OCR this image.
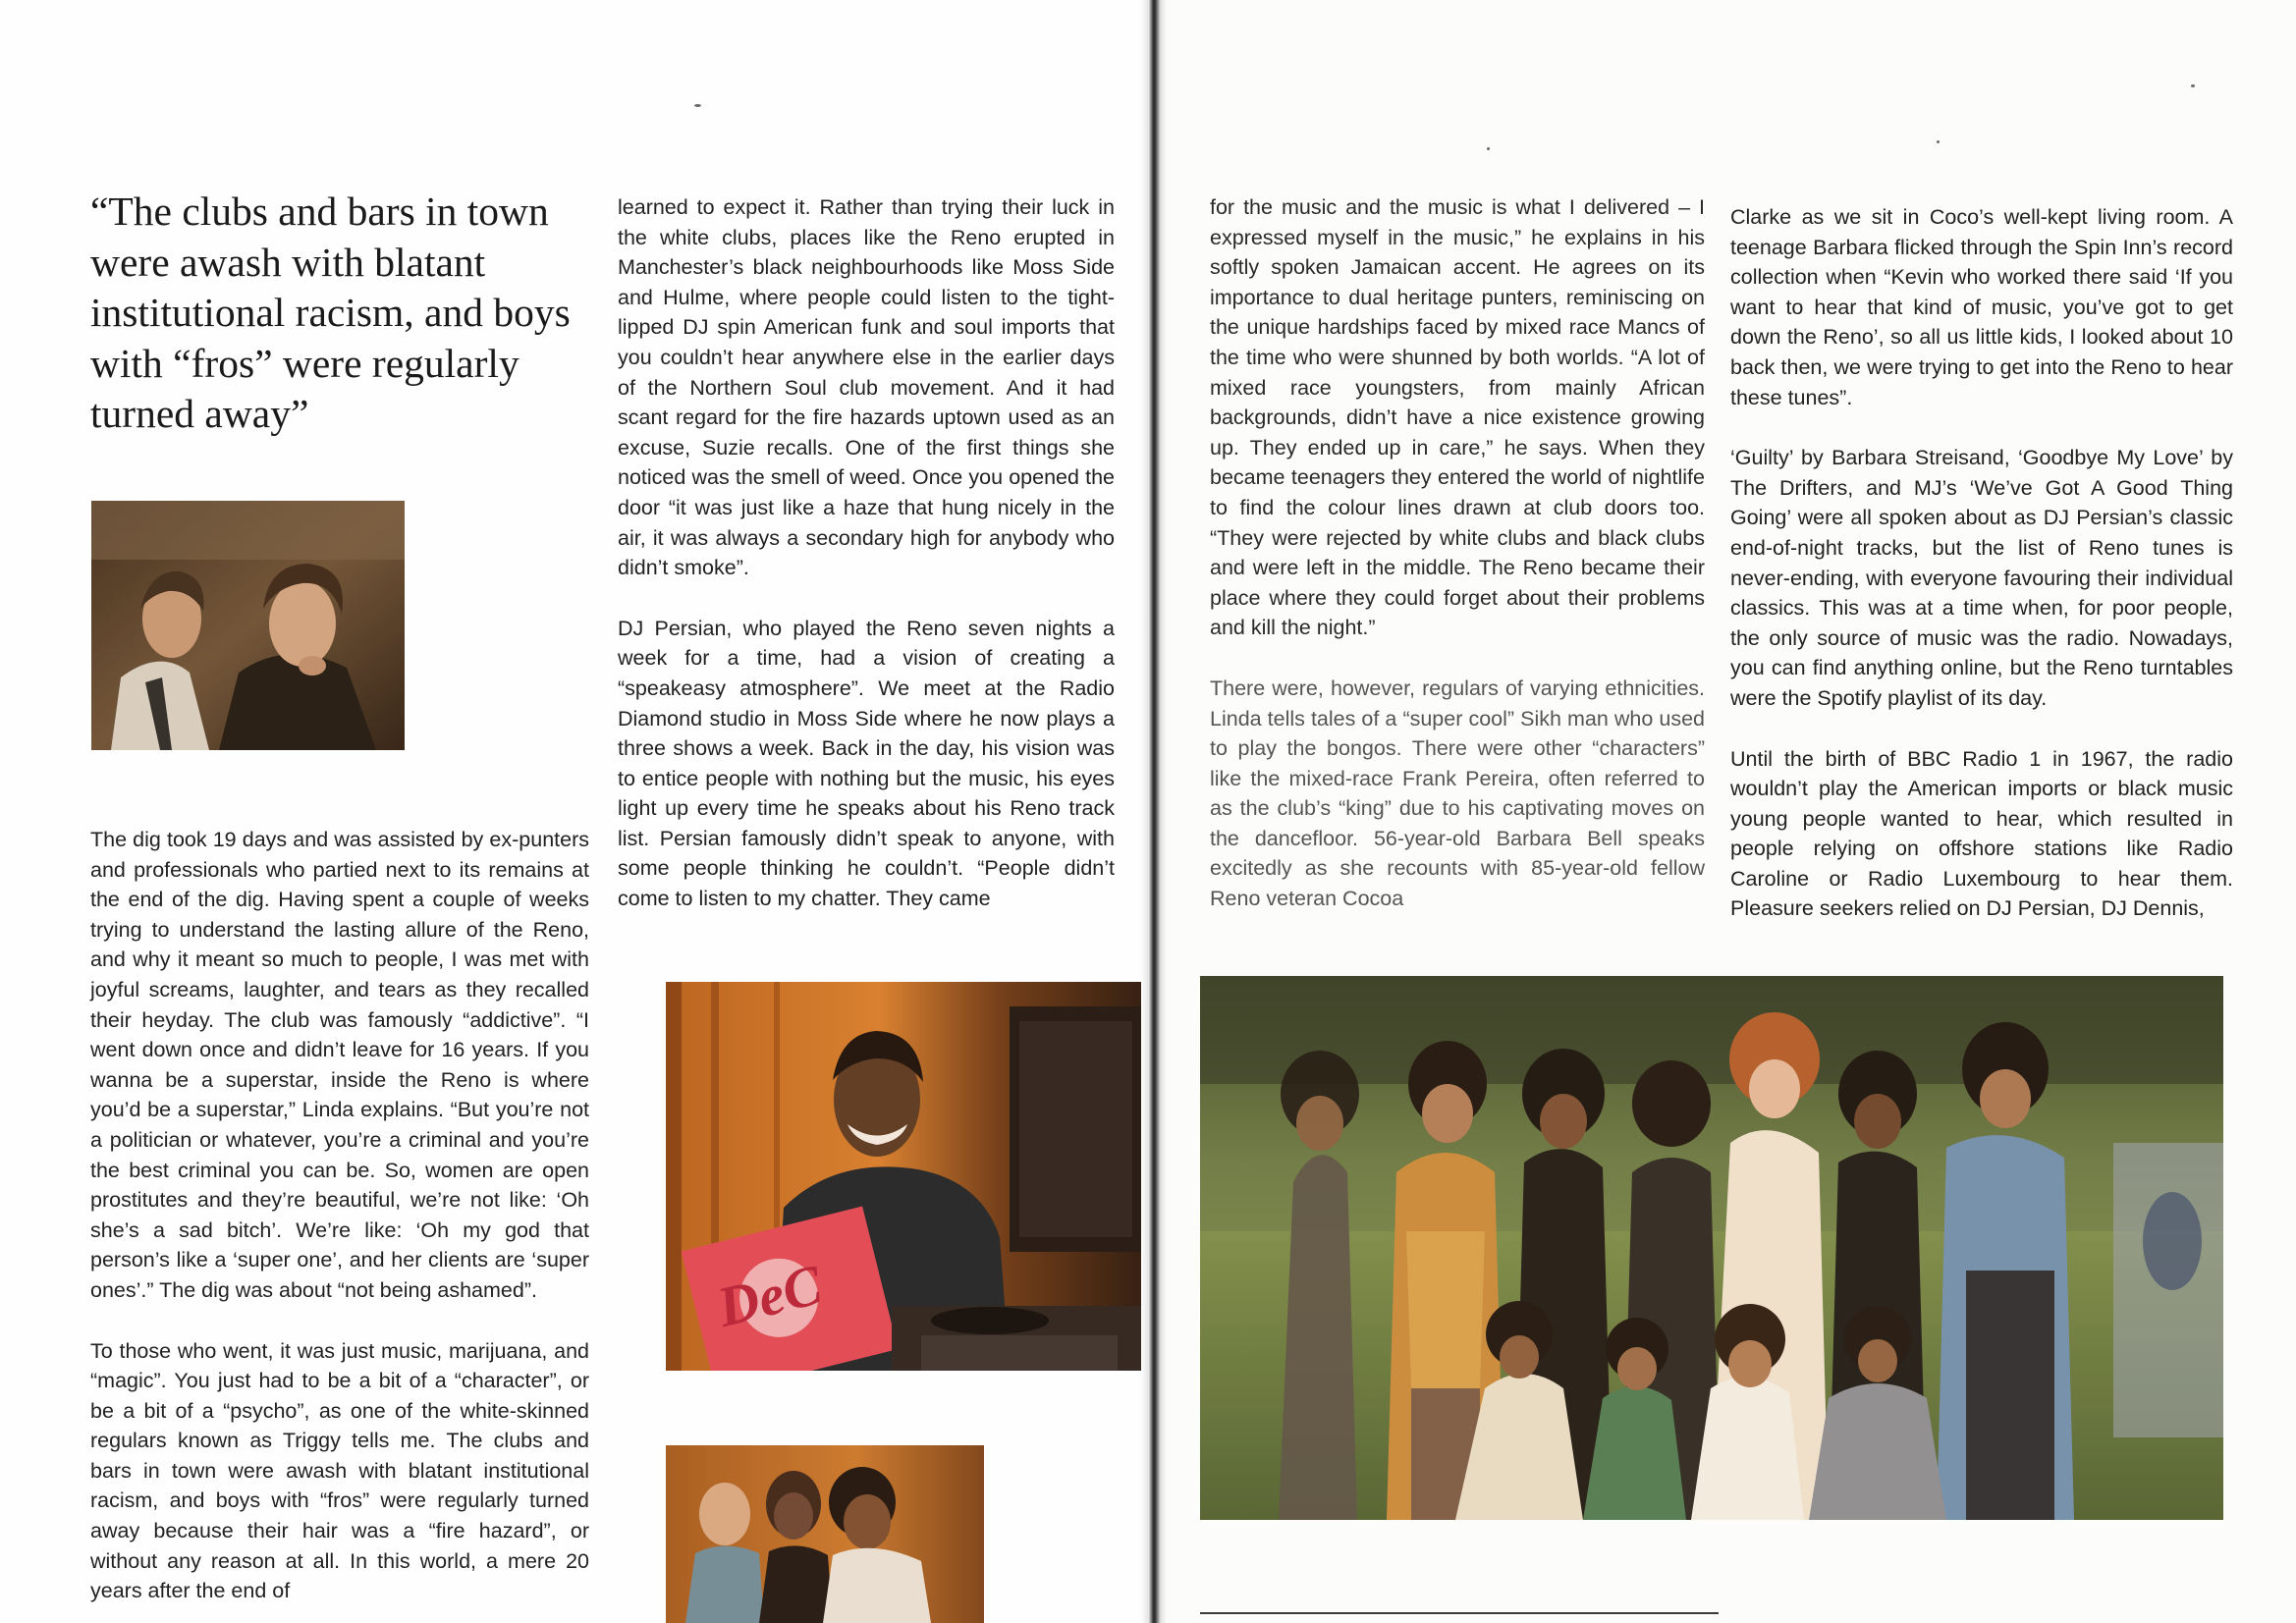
“The clubs and bars in town were awash with blatant institutional racism, and boys with “fros” were regularly turned away”

The dig took 19 days and was assisted by ex-punters and professionals who partied next to its remains at the end of the dig. Having spent a couple of weeks trying to understand the lasting allure of the Reno, and why it meant so much to people, I was met with joyful screams, laughter, and tears as they recalled their heyday. The club was famously “addictive”. “I went down once and didn’t leave for 16 years. If you wanna be a superstar, inside the Reno is where you’d be a superstar,” Linda explains. “But you’re not a politician or whatever, you’re a criminal and you’re the best criminal you can be. So, women are open prostitutes and they’re beautiful, we’re not like: ‘Oh she’s a sad bitch’. We’re like: ‘Oh my god that person’s like a ‘super one’, and her clients are ‘super ones’.” The dig was about “not being ashamed”.

To those who went, it was just music, marijuana, and “magic”. You just had to be a bit of a “character”, or be a bit of a “psycho”, as one of the white-skinned regulars known as Triggy tells me. The clubs and bars in town were awash with blatant institutional racism, and boys with “fros” were regularly turned away because their hair was a “fire hazard”, or without any reason at all. In this world, a mere 20 years after the end of

learned to expect it. Rather than trying their luck in the white clubs, places like the Reno erupted in Manchester’s black neighbourhoods like Moss Side and Hulme, where people could listen to the tight-lipped DJ spin American funk and soul imports that you couldn’t hear anywhere else in the earlier days of the Northern Soul club movement. And it had scant regard for the fire hazards uptown used as an excuse, Suzie recalls. One of the first things she noticed was the smell of weed. Once you opened the door “it was just like a haze that hung nicely in the air, it was always a secondary high for anybody who didn’t smoke”.

DJ Persian, who played the Reno seven nights a week for a time, had a vision of creating a “speakeasy atmosphere”. We meet at the Radio Diamond studio in Moss Side where he now plays a three shows a week. Back in the day, his vision was to entice people with nothing but the music, his eyes light up every time he speaks about his Reno track list. Persian famously didn’t speak to anyone, with some people thinking he couldn’t. “People didn’t come to listen to my chatter. They came

DeC

for the music and the music is what I delivered – I expressed myself in the music,” he explains in his softly spoken Jamaican accent. He agrees on its importance to dual heritage punters, reminiscing on the unique hardships faced by mixed race Mancs of the time who were shunned by both worlds. “A lot of mixed race youngsters, from mainly African backgrounds, didn’t have a nice existence growing up. They ended up in care,” he says. When they became teenagers they entered the world of nightlife to find the colour lines drawn at club doors too. “They were rejected by white clubs and black clubs and were left in the middle. The Reno became their place where they could forget about their problems and kill the night.”

There were, however, regulars of varying ethnicities. Linda tells tales of a “super cool” Sikh man who used to play the bongos. There were other “characters” like the mixed-race Frank Pereira, often referred to as the club’s “king” due to his captivating moves on the dancefloor. 56-year-old Barbara Bell speaks excitedly as she recounts with 85-year-old fellow Reno veteran Cocoa

Clarke as we sit in Coco’s well-kept living room. A teenage Barbara flicked through the Spin Inn’s record collection when “Kevin who worked there said ‘If you want to hear that kind of music, you’ve got to get down the Reno’, so all us little kids, I looked about 10 back then, we were trying to get into the Reno to hear these tunes”.

‘Guilty’ by Barbara Streisand, ‘Goodbye My Love’ by The Drifters, and MJ’s ‘We’ve Got A Good Thing Going’ were all spoken about as DJ Persian’s classic end-of-night tracks, but the list of Reno tunes is never-ending, with everyone favouring their individual classics. This was at a time when, for poor people, the only source of music was the radio. Nowadays, you can find anything online, but the Reno turntables were the Spotify playlist of its day.

Until the birth of BBC Radio 1 in 1967, the radio wouldn’t play the American imports or black music young people wanted to hear, which resulted in people relying on offshore stations like Radio Caroline or Radio Luxembourg to hear them. Pleasure seekers relied on DJ Persian, DJ Dennis,
